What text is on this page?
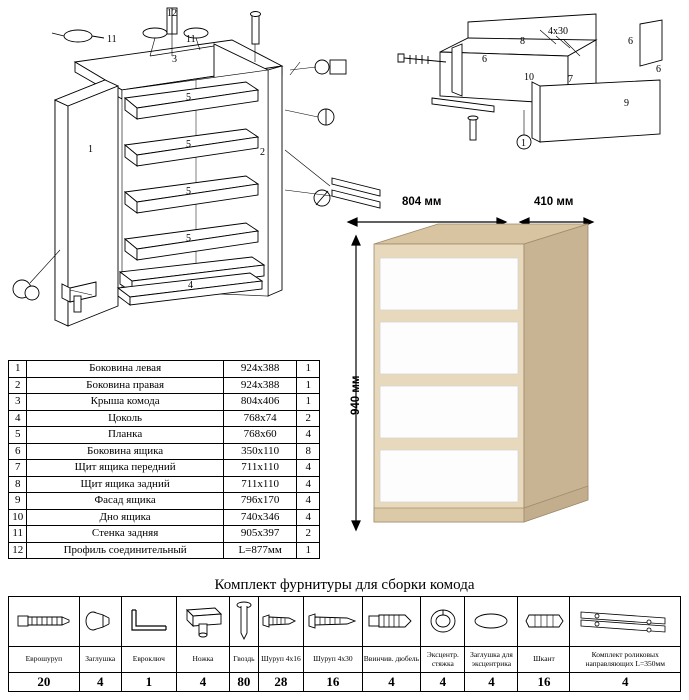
12
11	11
3
5
5
5
5
1	2
4
4х30
8	6
6
6
10	7
9
1
804 мм	410 мм
940 мм
1	Боковина левая	924х388	1
2	Боковина правая	924х388	1
3	Крыша комода	804х406	1
4	Цоколь	768х74	2
5	Планка	768х60	4
6	Боковина ящика	350х110	8
7	Щит ящика передний	711х110	4
8	Щит ящика задний	711х110	4
9	Фасад ящика	796х170	4
10	Дно ящика	740х346	4
11	Стенка задняя	905х397	2
12	Профиль соединительный	L=877мм	1
Комплект фурнитуры для сборки комода

Еврошуруп	Заглушка	Евроключ	Ножка	Гвоздь	Шуруп 4х16	Шуруп 4х30	Ввинчив. дюбель	Эксцентр. стяжка	Заглушка для эксцентрика	Шкант	Комплект роликовых направляющих L=350мм
20	4	1	4	80	28	16	4	4	4	16	4
